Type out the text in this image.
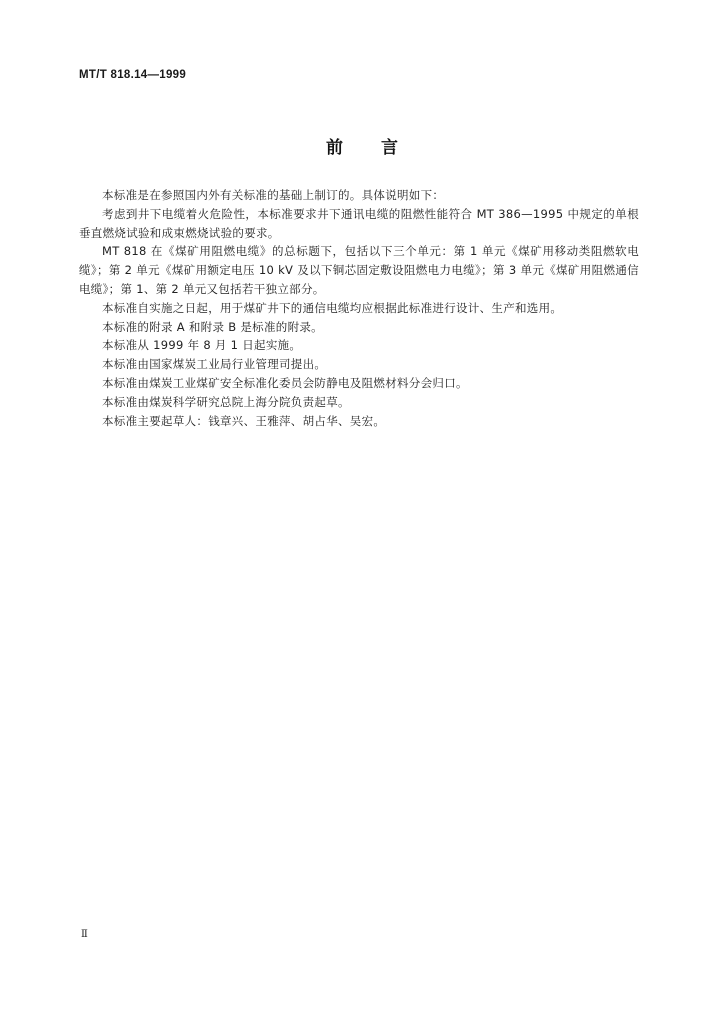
MT/T 818.14—1999
前言

本标准是在参照国内外有关标准的基础上制订的。具体说明如下：

考虑到井下电缆着火危险性，本标准要求井下通讯电缆的阻燃性能符合 MT 386—1995 中规定的单根垂直燃烧试验和成束燃烧试验的要求。

MT 818 在《煤矿用阻燃电缆》的总标题下，包括以下三个单元：第 1 单元《煤矿用移动类阻燃软电缆》；第 2 单元《煤矿用额定电压 10 kV 及以下铜芯固定敷设阻燃电力电缆》；第 3 单元《煤矿用阻燃通信电缆》；第 1、第 2 单元又包括若干独立部分。

本标准自实施之日起，用于煤矿井下的通信电缆均应根据此标准进行设计、生产和选用。

本标准的附录 A 和附录 B 是标准的附录。

本标准从 1999 年 8 月 1 日起实施。

本标准由国家煤炭工业局行业管理司提出。

本标准由煤炭工业煤矿安全标准化委员会防静电及阻燃材料分会归口。

本标准由煤炭科学研究总院上海分院负责起草。

本标准主要起草人：钱章兴、王雅萍、胡占华、吴宏。

Ⅱ
